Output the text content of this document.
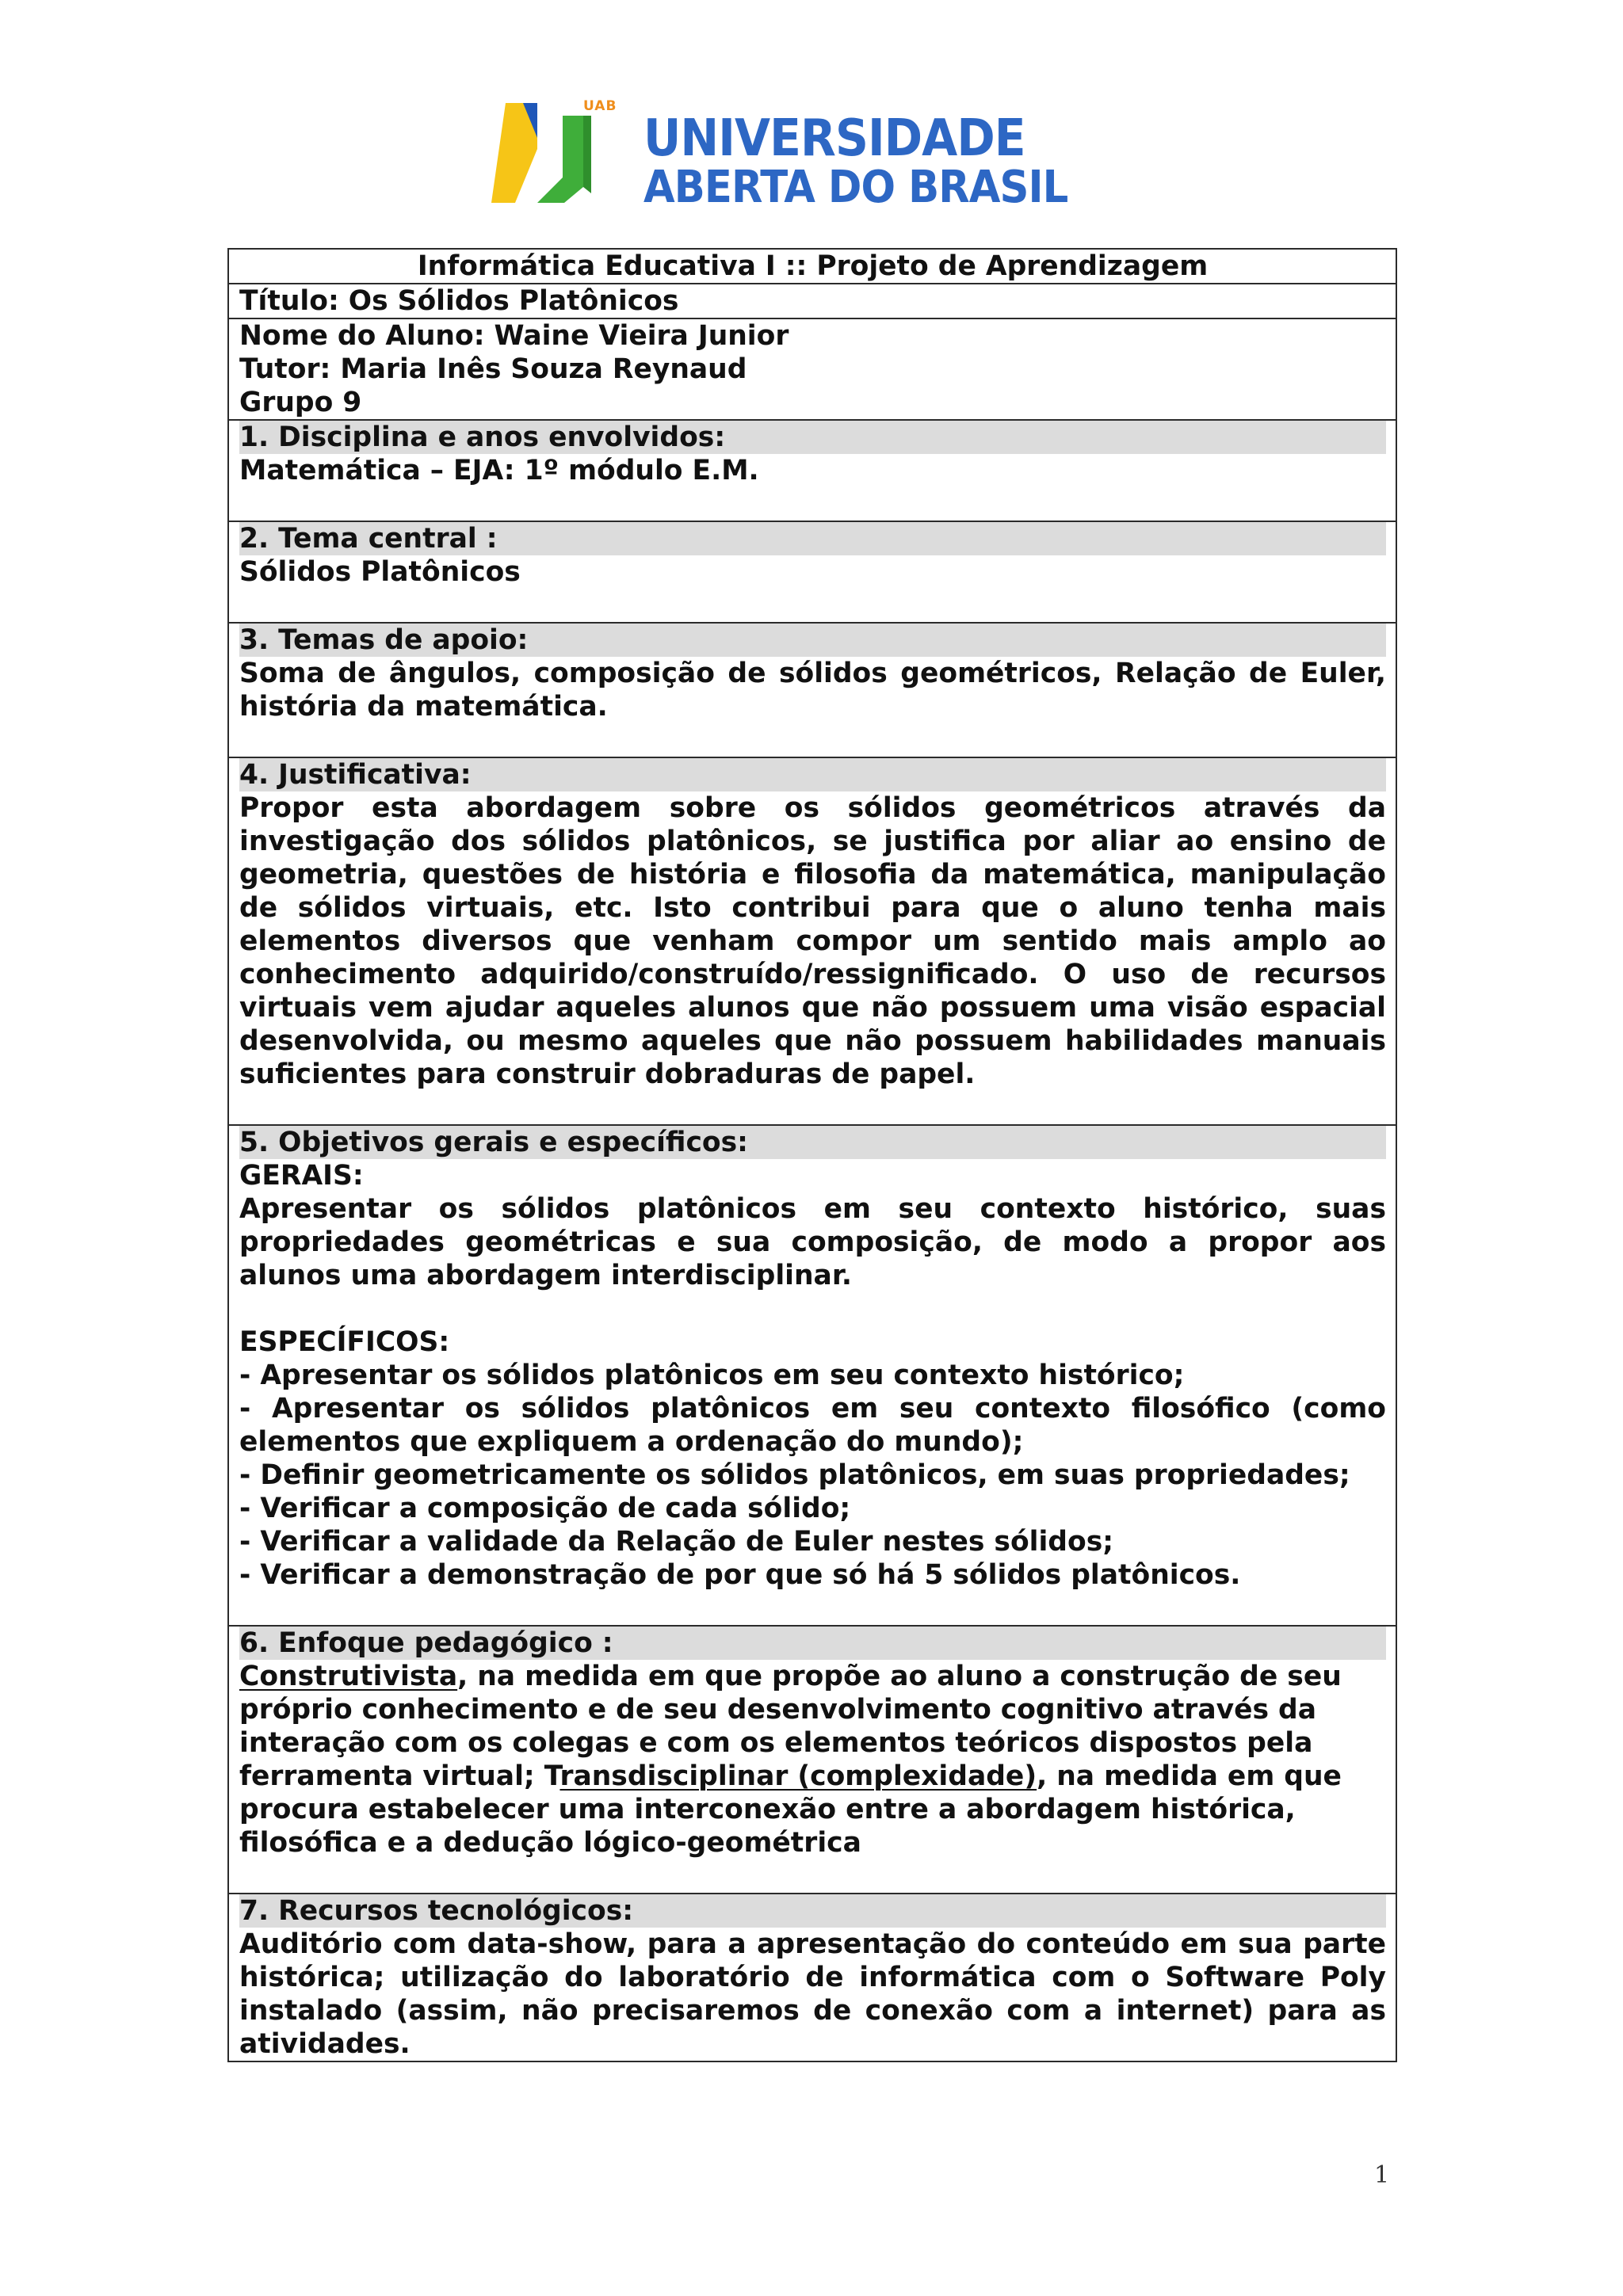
UAB
UNIVERSIDADE
ABERTA DO BRASIL
Informática Educativa I :: Projeto de Aprendizagem
Título: Os Sólidos Platônicos
Nome do Aluno: Waine Vieira Junior
Tutor: Maria Inês Souza Reynaud
Grupo 9
1. Disciplina e anos envolvidos:
Matemática – EJA: 1º módulo E.M.
2. Tema central :
Sólidos Platônicos
3. Temas de apoio:
Soma de ângulos, composição de sólidos geométricos, Relação de Euler, história da matemática.
4. Justificativa:
Propor esta abordagem sobre os sólidos geométricos através da investigação dos sólidos platônicos, se justifica por aliar ao ensino de geometria, questões de história e filosofia da matemática, manipulação de sólidos virtuais, etc. Isto contribui para que o aluno tenha mais elementos diversos que venham compor um sentido mais amplo ao conhecimento adquirido/construído/ressignificado. O uso de recursos virtuais vem ajudar aqueles alunos que não possuem uma visão espacial desenvolvida, ou mesmo aqueles que não possuem habilidades manuais suficientes para construir dobraduras de papel.
5. Objetivos gerais e específicos:
GERAIS:
Apresentar os sólidos platônicos em seu contexto histórico, suas propriedades geométricas e sua composição, de modo a propor aos alunos uma abordagem interdisciplinar.
ESPECÍFICOS:
- Apresentar os sólidos platônicos em seu contexto histórico;
- Apresentar os sólidos platônicos em seu contexto filosófico (como elementos que expliquem a ordenação do mundo);
- Definir geometricamente os sólidos platônicos, em suas propriedades;
- Verificar a composição de cada sólido;
- Verificar a validade da Relação de Euler nestes sólidos;
- Verificar a demonstração de por que só há 5 sólidos platônicos.
6. Enfoque pedagógico :
Construtivista, na medida em que propõe ao aluno a construção de seu próprio conhecimento e de seu desenvolvimento cognitivo através da interação com os colegas e com os elementos teóricos dispostos pela ferramenta virtual; Transdisciplinar (complexidade), na medida em que procura estabelecer uma interconexão entre a abordagem histórica, filosófica e a dedução lógico-geométrica
7. Recursos tecnológicos:
Auditório com data-show, para a apresentação do conteúdo em sua parte histórica; utilização do laboratório de informática com o Software Poly instalado (assim, não precisaremos de conexão com a internet) para as atividades.
1
